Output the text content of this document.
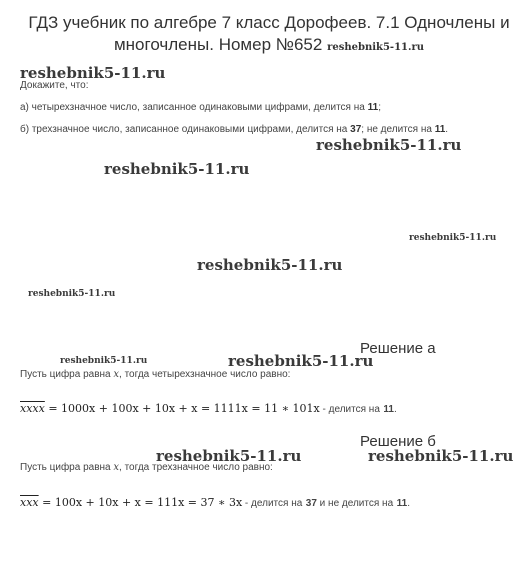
ГДЗ учебник по алгебре 7 класс Дорофеев. 7.1 Одночлены и многочлены. Номер №652 reshebnik5-11.ru
reshebnik5-11.ru
reshebnik5-11.ru
reshebnik5-11.ru
reshebnik5-11.ru
reshebnik5-11.ru
reshebnik5-11.ru
reshebnik5-11.ru	reshebnik5-11.ru
reshebnik5-11.ru	reshebnik5-11.ru
Докажите, что:
а) четырехзначное число, записанное одинаковыми цифрами, делится на 11;
б) трехзначное число, записанное одинаковыми цифрами, делится на 37; не делится на 11.
Решение а
Пусть цифра равна x, тогда четырехзначное число равно:
xxxx = 1000x + 100x + 10x + x = 1111x = 11 ∗ 101x - делится на 11.
Решение б
Пусть цифра равна x, тогда трехзначное число равно:
$\overline{xxx} = 100x + 10x + x = 111x = 37$ ∗ 3x - делится на 37 и не делится на 11.
